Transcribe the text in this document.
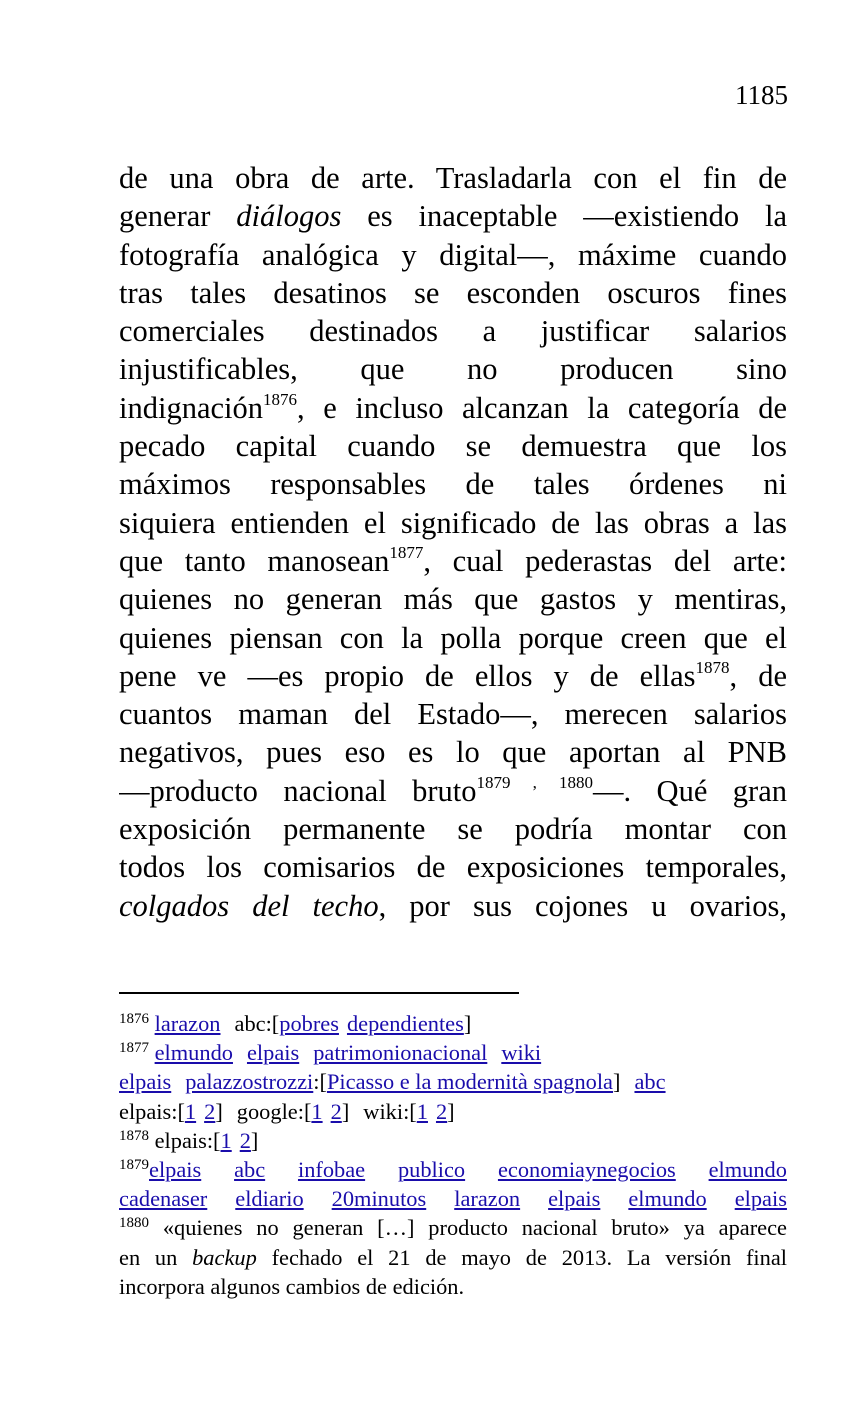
1185
de una obra de arte. Trasladarla con el fin de
generar diálogos es inaceptable —existiendo la
fotografía analógica y digital—, máxime cuando
tras tales desatinos se esconden oscuros fines
comerciales destinados a justificar salarios
injustificables, que no producen sino
indignación$^{1876}$, e incluso alcanzan la categoría de
pecado capital cuando se demuestra que los
máximos responsables de tales órdenes ni
siquiera entienden el significado de las obras a las
que tanto manosean$^{1877}$, cual pederastas del arte:
quienes no generan más que gastos y mentiras,
quienes piensan con la polla porque creen que el
pene ve —es propio de ellos y de ellas$^{1878}$, de
cuantos maman del Estado—, merecen salarios
negativos, pues eso es lo que aportan al PNB
—producto nacional bruto$^{1879 , 1880}$—. Qué gran
exposición permanente se podría montar con
todos los comisarios de exposiciones temporales,
colgados del techo, por sus cojones u ovarios,
$^{1876}$ larazon abc:[pobres dependientes]
$^{1877}$ elmundo elpais patrimonionacional wiki
elpais palazzostrozzi:[Picasso e la modernità spagnola] abc
elpais:[1 2] google:[1 2] wiki:[1 2]
$^{1878}$ elpais:[1 2]
$^{1879}$elpais abc infobae publico economiaynegocios elmundo
cadenaser eldiario 20minutos larazon elpais elmundo elpais
$^{1880}$ «quienes no generan […] producto nacional bruto» ya aparece
en un backup fechado el 21 de mayo de 2013. La versión final
incorpora algunos cambios de edición.
